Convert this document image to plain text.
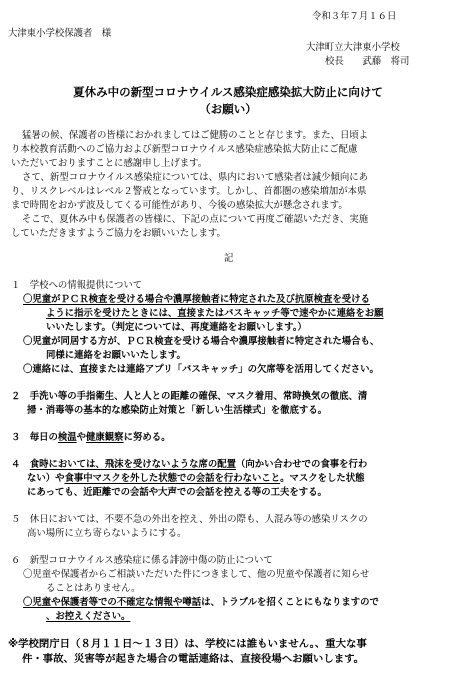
令和３年７月１６日
大津東小学校保護者　様
大津町立大津東小学校
校長　　武藤　将司
夏休み中の新型コロナウイルス感染症感染拡大防止に向けて
（お願い）
猛暑の候、保護者の皆様におかれましてはご健勝のことと存じます。また、日頃よ
り本校教育活動へのご協力および新型コロナウイルス感染症感染拡大防止にご配慮
いただいておりますことに感謝申し上げます。
さて、新型コロナウイルス感染症については、県内において感染者は減少傾向にあ
り、リスクレベルはレベル２警戒となっています。しかし、首都圏の感染増加が本県
まで時間をおかず波及してくる可能性があり、今後の感染拡大が懸念されます。
そこで、夏休み中も保護者の皆様に、下記の点について再度ご確認いただき、実施
していただきますようご協力をお願いいたします。
記
１　学校への情報提供について
〇児童がＰＣＲ検査を受ける場合や濃厚接触者に特定された及び抗原検査を受ける
ように指示を受けたときには、直接またはバスキャッチ等で速やかに連絡をお願
いいたします。（判定については、再度連絡をお願いします。）
〇児童が同居する方が、ＰＣＲ検査を受ける場合や濃厚接触者に特定された場合も、
同様に連絡をお願いいたします。
〇連絡には、直接または連絡アプリ「バスキャッチ」の欠席等を活用してください。
２　手洗い等の手指衛生、人と人との距離の確保、マスク着用、常時換気の徹底、清
掃・消毒等の基本的な感染防止対策と「新しい生活様式」を徹底する。
３　毎日の検温や健康観察に努める。
４　食時においては、飛沫を受けないような席の配置（向かい合わせでの食事を行わ
ない）や食事中マスクを外した状態での会話を行わないこと。マスクをした状態
にあっても、近距離での会話や大声での会話を控える等の工夫をする。
５　休日においては、不要不急の外出を控え、外出の際も、人混み等の感染リスクの
高い場所に立ち寄らないようにする。
６　新型コロナウイルス感染症に係る誹謗中傷の防止について
〇児童や保護者からご相談いただいた件につきまして、他の児童や保護者に知らせ
ることはありません。
〇児童や保護者等での不確定な情報や噂話は、トラブルを招くことにもなりますので
、お控えください。
※学校閉庁日（８月１１日～１３日）は、学校には誰もいません。、重大な事
件・事故、災害等が起きた場合の電話連絡は、直接役場へお願いします。
